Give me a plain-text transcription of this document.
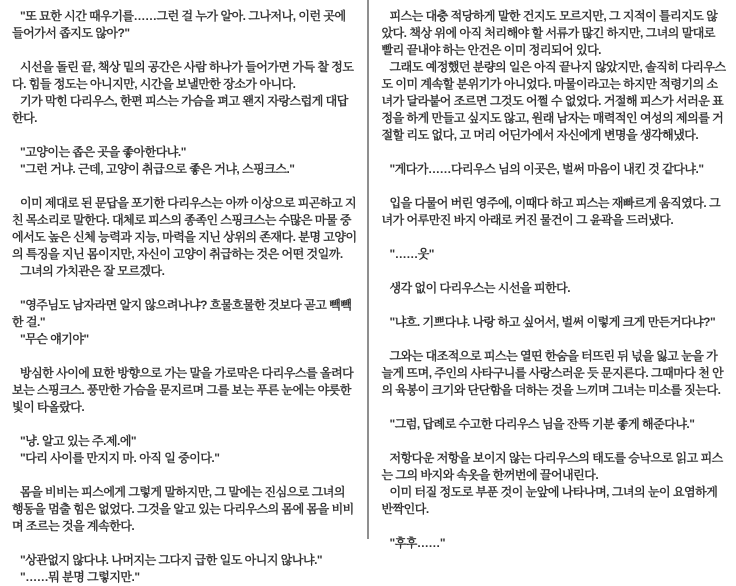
"또 묘한 시간 때우기를……그런 걸 누가 알아. 그나저나, 이런 곳에 들어가서 좁지도 않아?"

시선을 돌린 끝, 책상 밑의 공간은 사람 하나가 들어가면 가득 찰 정도다. 힘들 정도는 아니지만, 시간을 보낼만한 장소가 아니다.

기가 막힌 다리우스, 한편 피스는 가슴을 펴고 왠지 자랑스럽게 대답한다.

"고양이는 좁은 곳을 좋아한다냐."

"그런 거냐. 근데, 고양이 취급으로 좋은 거냐, 스핑크스."

이미 제대로 된 문답을 포기한 다리우스는 아까 이상으로 피곤하고 지친 목소리로 말한다. 대체로 피스의 종족인 스핑크스는 수많은 마물 중에서도 높은 신체 능력과 지능, 마력을 지닌 상위의 존재다. 분명 고양이의 특징을 지닌 몸이지만, 자신이 고양이 취급하는 것은 어떤 것일까.

그녀의 가치관은 잘 모르겠다.

"영주님도 남자라면 알지 않으려나냐? 흐물흐물한 것보다 곧고 빽빽한 걸."

"무슨 얘기야"

방심한 사이에 묘한 방향으로 가는 말을 가로막은 다리우스를 올려다보는 스핑크스. 풍만한 가슴을 문지르며 그를 보는 푸른 눈에는 야릇한 빛이 타올랐다.

"냥. 알고 있는 주.제.에"

"다리 사이를 만지지 마. 아직 일 중이다."

몸을 비비는 피스에게 그렇게 말하지만, 그 말에는 진심으로 그녀의 행동을 멈출 힘은 없었다. 그것을 알고 있는 다리우스의 몸에 몸을 비비며 조르는 것을 계속한다.

"상관없지 않다냐. 나머지는 그다지 급한 일도 아니지 않나냐."

"……뭐 분명 그렇지만."

피스는 대충 적당하게 말한 건지도 모르지만, 그 지적이 틀리지도 않았다. 책상 위에 아직 처리해야 할 서류가 많긴 하지만, 그녀의 말대로 빨리 끝내야 하는 안건은 이미 정리되어 있다.

그래도 예정했던 분량의 일은 아직 끝나지 않았지만, 솔직히 다리우스도 이미 계속할 분위기가 아니었다. 마물이라고는 하지만 적령기의 소녀가 달라붙어 조르면 그것도 어쩔 수 없었다. 거절해 피스가 서러운 표정을 하게 만들고 싶지도 않고, 원래 남자는 매력적인 여성의 제의를 거절할 리도 없다, 고 머리 어딘가에서 자신에게 변명을 생각해냈다.

"게다가……다리우스 님의 이곳은, 벌써 마음이 내킨 것 같다냐."

입을 다물어 버린 영주에, 이때다 하고 피스는 재빠르게 움직였다. 그녀가 어루만진 바지 아래로 커진 물건이 그 윤곽을 드러냈다.

"……웃"

생각 없이 다리우스는 시선을 피한다.

"냐흐. 기쁘다냐. 나랑 하고 싶어서, 벌써 이렇게 크게 만든거다냐?"

그와는 대조적으로 피스는 열띤 한숨을 터뜨린 뒤 넋을 잃고 눈을 가늘게 뜨며, 주인의 사타구니를 사랑스러운 듯 문지른다. 그때마다 천 안의 육봉이 크기와 단단함을 더하는 것을 느끼며 그녀는 미소를 짓는다.

"그럼, 답례로 수고한 다리우스 님을 잔뜩 기분 좋게 해준다냐."

저항다운 저항을 보이지 않는 다리우스의 태도를 승낙으로 읽고 피스는 그의 바지와 속옷을 한꺼번에 끌어내린다.

이미 터질 정도로 부푼 것이 눈앞에 나타나며, 그녀의 눈이 요염하게 반짝인다.

"후후……"
